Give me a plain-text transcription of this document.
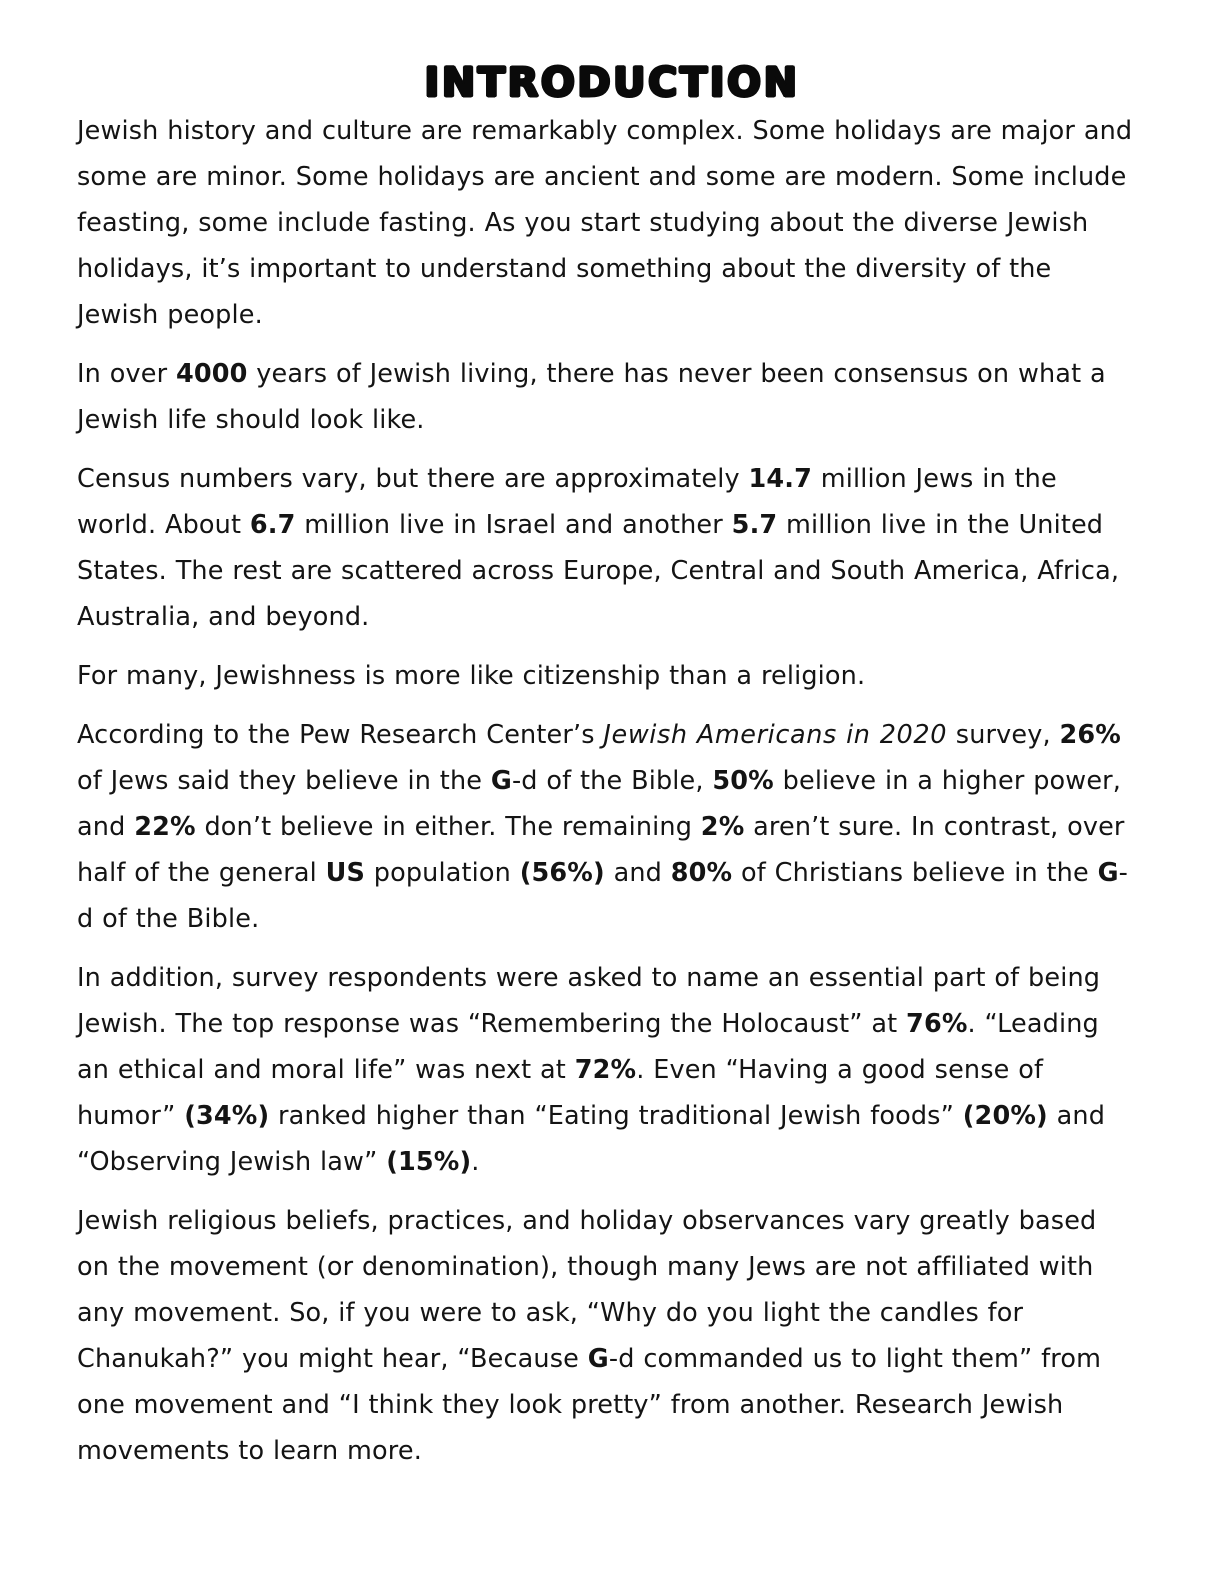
INTRODUCTION

Jewish history and culture are remarkably complex. Some holidays are major and some are minor. Some holidays are ancient and some are modern. Some include feasting, some include fasting. As you start studying about the diverse Jewish holidays, it’s important to understand something about the diversity of the Jewish people.

In over 4000 years of Jewish living, there has never been consensus on what a Jewish life should look like.

Census numbers vary, but there are approximately 14.7 million Jews in the world. About 6.7 million live in Israel and another 5.7 million live in the United States. The rest are scattered across Europe, Central and South America, Africa, Australia, and beyond.

For many, Jewishness is more like citizenship than a religion.

According to the Pew Research Center’s Jewish Americans in 2020 survey, 26% of Jews said they believe in the G-d of the Bible, 50% believe in a higher power, and 22% don’t believe in either. The remaining 2% aren’t sure. In contrast, over half of the general US population (56%) and 80% of Christians believe in the G-d of the Bible.

In addition, survey respondents were asked to name an essential part of being Jewish. The top response was “Remembering the Holocaust” at 76%. “Leading an ethical and moral life” was next at 72%. Even “Having a good sense of humor” (34%) ranked higher than “Eating traditional Jewish foods” (20%) and “Observing Jewish law” (15%).

Jewish religious beliefs, practices, and holiday observances vary greatly based on the movement (or denomination), though many Jews are not affiliated with any movement. So, if you were to ask, “Why do you light the candles for Chanukah?” you might hear, “Because G-d commanded us to light them” from one movement and “I think they look pretty” from another. Research Jewish movements to learn more.
